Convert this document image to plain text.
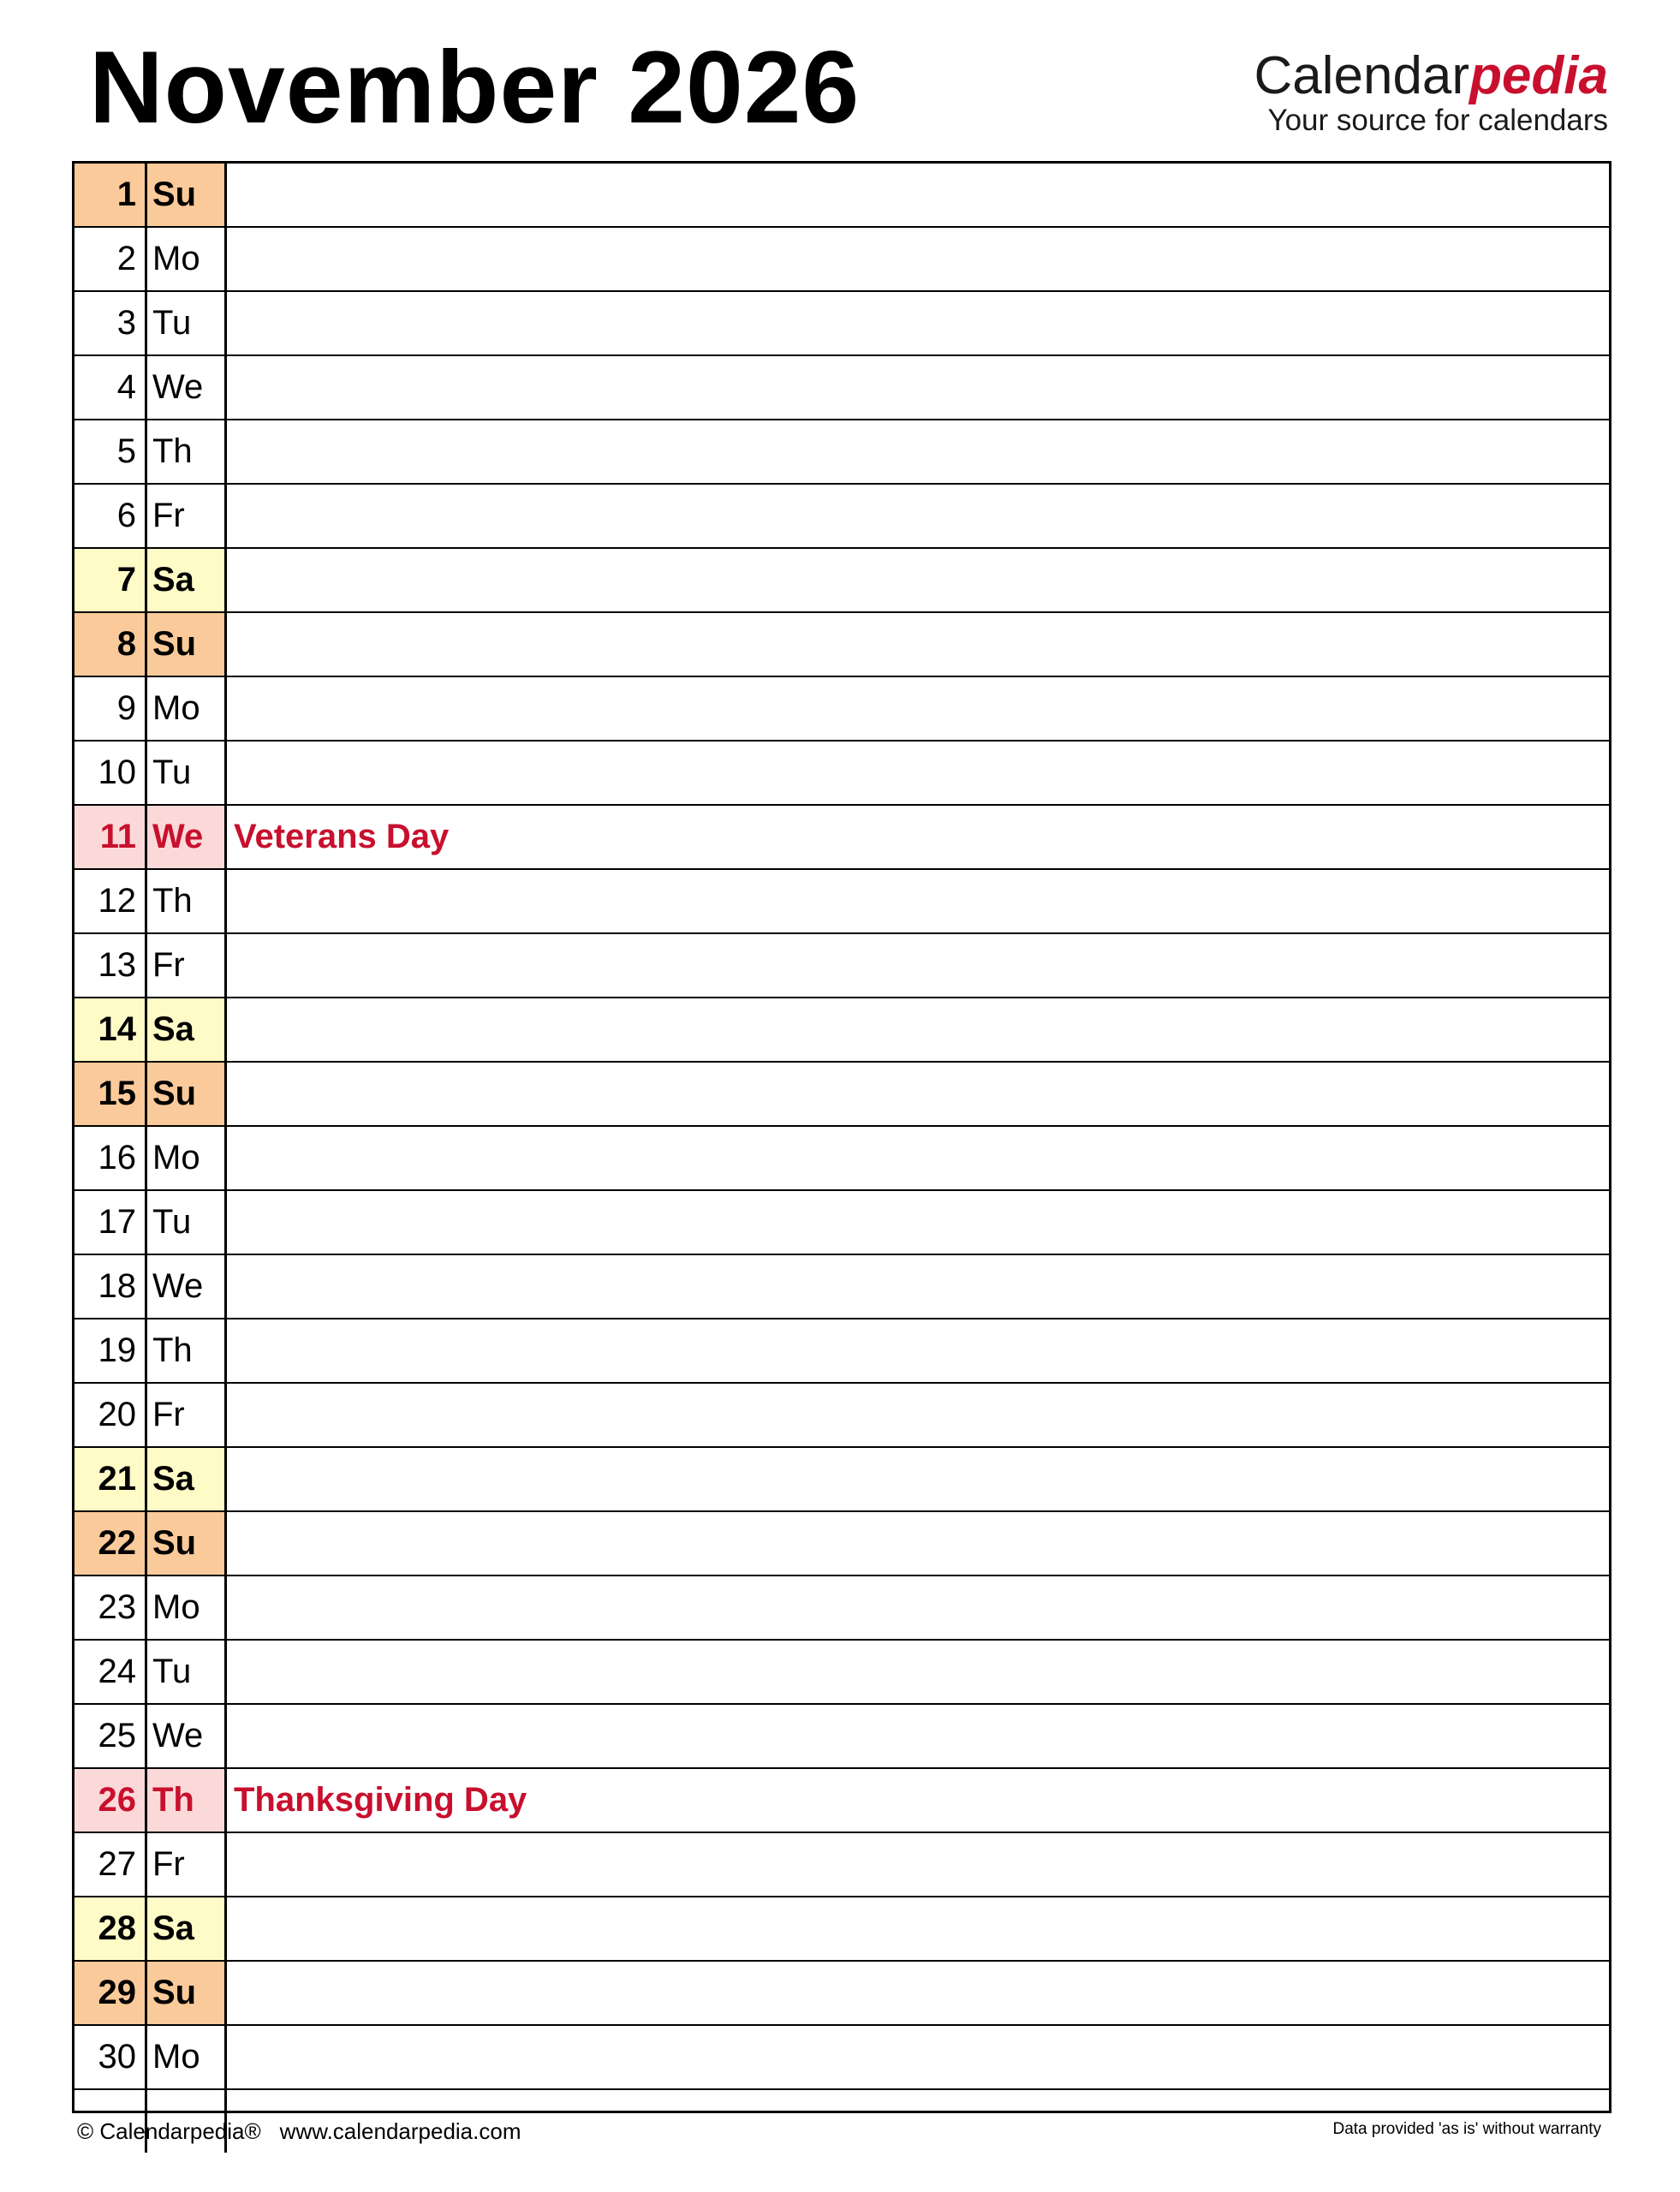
November 2026	Calendarpedia
Your source for calendars
1	Su	
2	Mo	
3	Tu	
4	We	
5	Th	
6	Fr	
7	Sa	
8	Su	
9	Mo	
10	Tu	
11	We	Veterans Day
12	Th	
13	Fr	
14	Sa	
15	Su	
16	Mo	
17	Tu	
18	We	
19	Th	
20	Fr	
21	Sa	
22	Su	
23	Mo	
24	Tu	
25	We	
26	Th	Thanksgiving Day
27	Fr	
28	Sa	
29	Su	
30	Mo	

© Calendarpedia® www.calendarpedia.com	Data provided 'as is' without warranty
